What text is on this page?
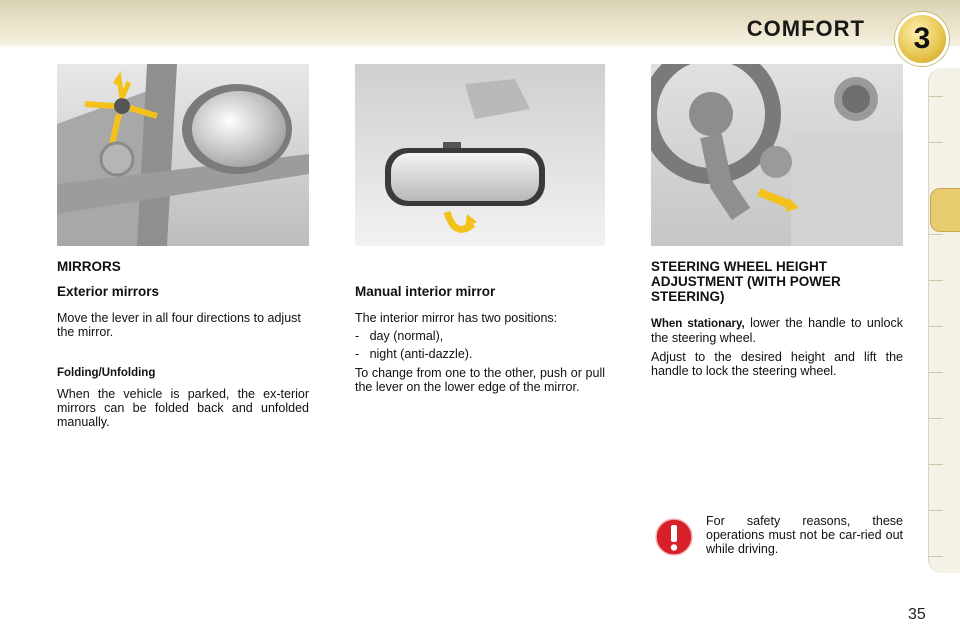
COMFORT	3

MIRRORS

Exterior mirrors

Move the lever in all four directions to adjust the mirror.

Folding/Unfolding

When the vehicle is parked, the ex-terior mirrors can be folded back and unfolded manually.

Manual interior mirror

The interior mirror has two positions:

-   day (normal),

-   night (anti-dazzle).

To change from one to the other, push or pull the lever on the lower edge of the mirror.

STEERING WHEEL HEIGHT ADJUSTMENT (WITH POWER STEERING)

When stationary, lower the handle to unlock the steering wheel.

Adjust to the desired height and lift the handle to lock the steering wheel.

For safety reasons, these operations must not be car-ried out while driving.
35
